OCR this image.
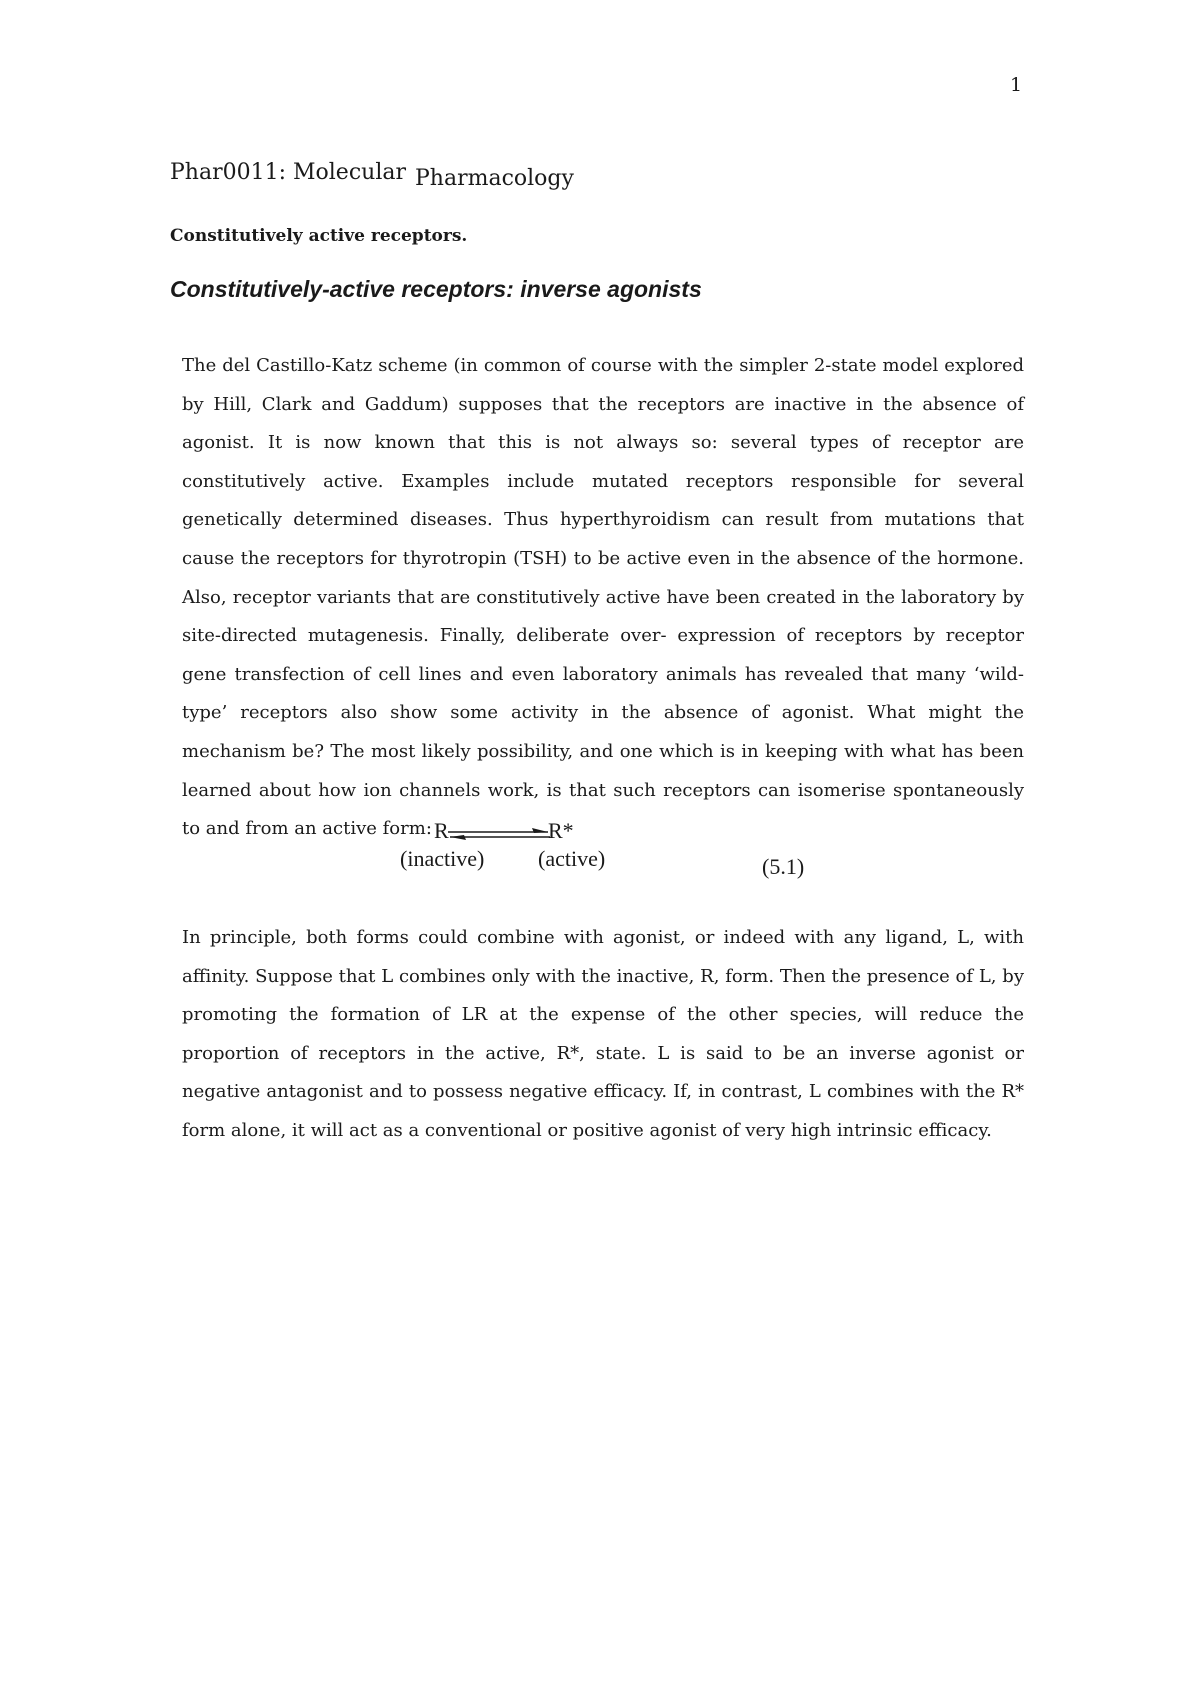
1
Phar0011: Molecular Pharmacology
Constitutively active receptors.
Constitutively-active receptors: inverse agonists

The del Castillo-Katz scheme (in common of course with the simpler 2-state model explored by Hill, Clark and Gaddum) supposes that the receptors are inactive in the absence of agonist. It is now known that this is not always so: several types of receptor are constitutively active. Examples include mutated receptors responsible for several genetically determined diseases. Thus hyperthyroidism can result from mutations that cause the receptors for thyrotropin (TSH) to be active even in the absence of the hormone. Also, receptor variants that are constitutively active have been created in the laboratory by site-directed mutagenesis. Finally, deliberate over- expression of receptors by receptor gene transfection of cell lines and even laboratory animals has revealed that many ‘wild-type’ receptors also show some activity in the absence of agonist. What might the mechanism be? The most likely possibility, and one which is in keeping with what has been learned about how ion channels work, is that such receptors can isomerise spontaneously to and from an active form: R	R*
(inactive) (active)	(5.1)

In principle, both forms could combine with agonist, or indeed with any ligand, L, with affinity. Suppose that L combines only with the inactive, R, form. Then the presence of L, by promoting the formation of LR at the expense of the other species, will reduce the proportion of receptors in the active, R*, state. L is said to be an inverse agonist or negative antagonist and to possess negative efficacy. If, in contrast, L combines with the R* form alone, it will act as a conventional or positive agonist of very high intrinsic efficacy.
